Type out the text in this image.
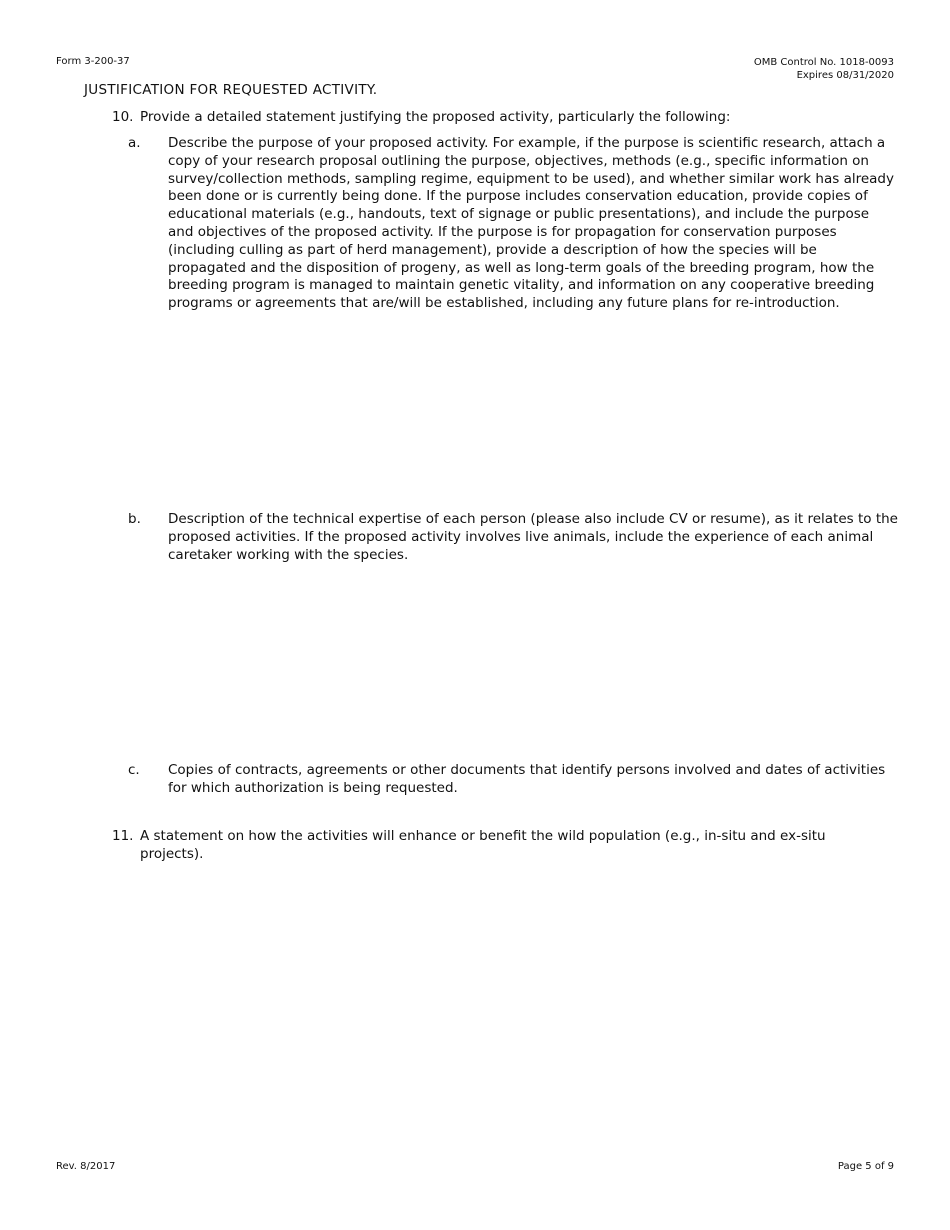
Form 3-200-37	OMB Control No. 1018-0093
Expires 08/31/2020
JUSTIFICATION FOR REQUESTED ACTIVITY.
10. Provide a detailed statement justifying the proposed activity, particularly the following:
a. Describe the purpose of your proposed activity. For example, if the purpose is scientific research, attach a copy of your research proposal outlining the purpose, objectives, methods (e.g., specific information on survey/collection methods, sampling regime, equipment to be used), and whether similar work has already been done or is currently being done. If the purpose includes conservation education, provide copies of educational materials (e.g., handouts, text of signage or public presentations), and include the purpose and objectives of the proposed activity. If the purpose is for propagation for conservation purposes (including culling as part of herd management), provide a description of how the species will be propagated and the disposition of progeny, as well as long-term goals of the breeding program, how the breeding program is managed to maintain genetic vitality, and information on any cooperative breeding programs or agreements that are/will be established, including any future plans for re-introduction.
b. Description of the technical expertise of each person (please also include CV or resume), as it relates to the proposed activities. If the proposed activity involves live animals, include the experience of each animal caretaker working with the species.
c. Copies of contracts, agreements or other documents that identify persons involved and dates of activities for which authorization is being requested.
11. A statement on how the activities will enhance or benefit the wild population (e.g., in-situ and ex-situ projects).
Rev. 8/2017	Page 5 of 9
